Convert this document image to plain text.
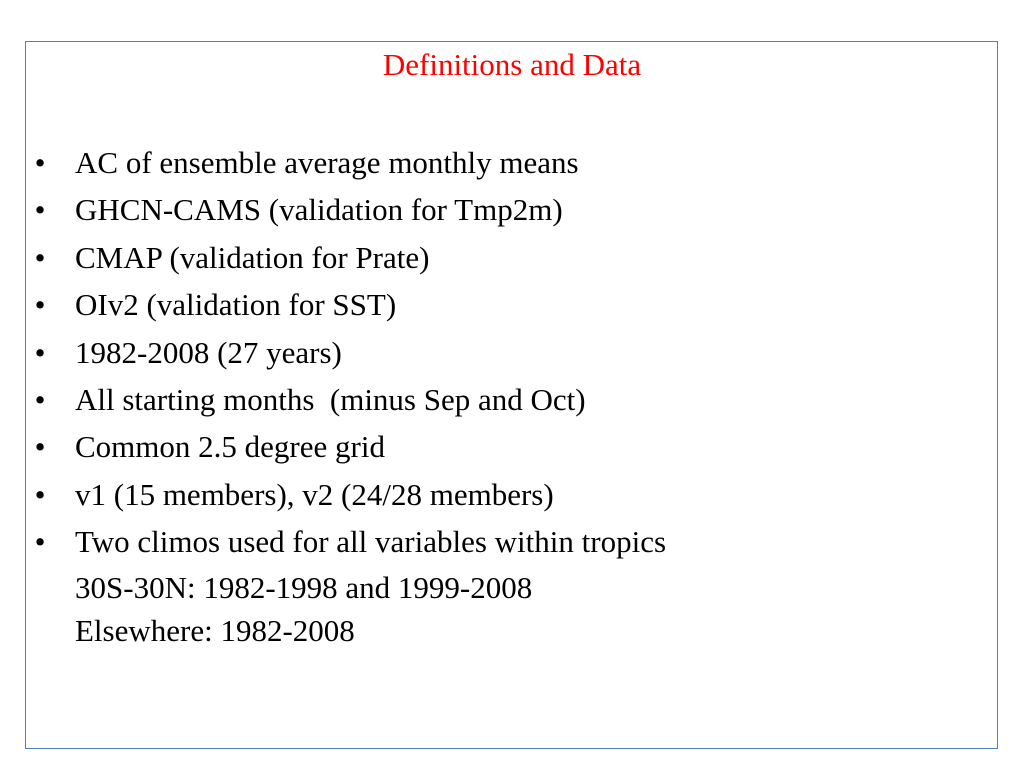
Definitions and Data
• AC of ensemble average monthly means
• GHCN-CAMS (validation for Tmp2m)
• CMAP (validation for Prate)
• OIv2 (validation for SST)
• 1982-2008 (27 years)
• All starting months  (minus Sep and Oct)
• Common 2.5 degree grid
• v1 (15 members), v2 (24/28 members)
• Two climos used for all variables within tropics
30S-30N: 1982-1998 and 1999-2008
Elsewhere: 1982-2008
